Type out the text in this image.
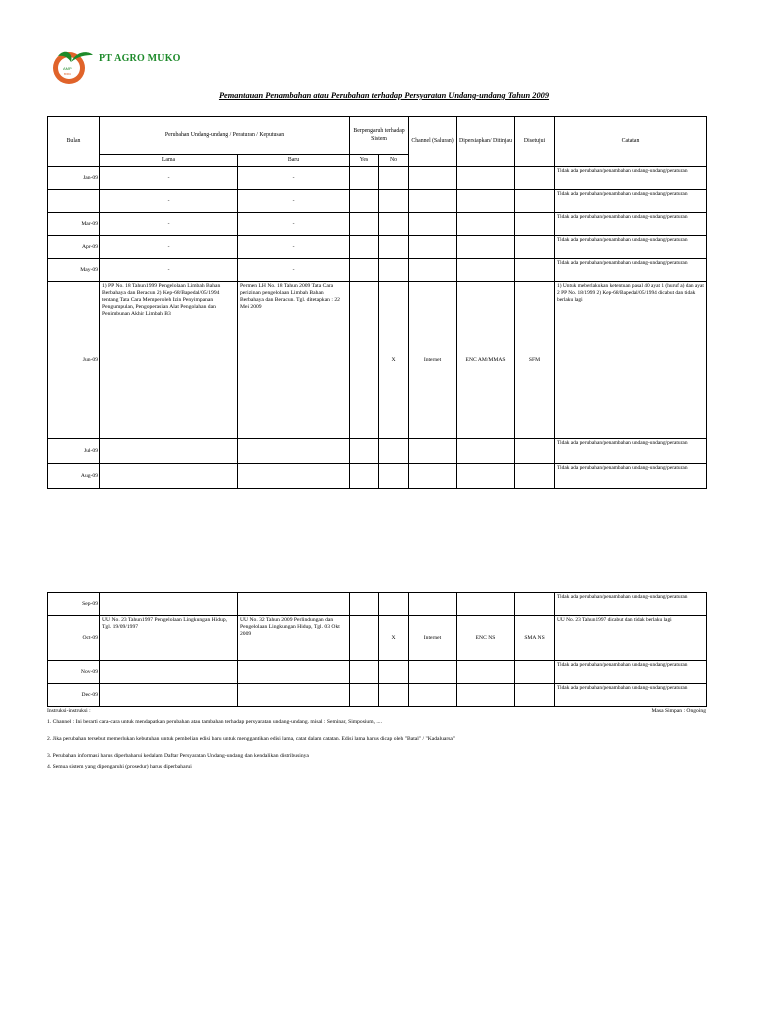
AMP
BIRU
PT AGRO MUKO
Pemantauan Penambahan atau Perubahan terhadap Persyaratan Undang-undang Tahun 2009
Bulan	Perubahan Undang-undang / Peraturan / Keputusan		Berpengaruh terhadap Sistem		Channel (Saluran)	Dipersiapkan/ Ditinjau	Disetujui	Catatan
	Lama	Baru	Yes	No				
Jan-09	-	-						Tidak ada perubahan/penambahan undang-undang/peraturan
	-	-						Tidak ada perubahan/penambahan undang-undang/peraturan
Mar-09	-	-						Tidak ada perubahan/penambahan undang-undang/peraturan
Apr-09	-	-						Tidak ada perubahan/penambahan undang-undang/peraturan
May-09	-	-						Tidak ada perubahan/penambahan undang-undang/peraturan
Jun-09	1) PP No. 18 Tahun1999 Pengelolaan Limbah Bahan Berbahaya dan Beracun 2) Kep-68/Bapedal/05/1994 tentang Tata Cara Memperoleh Izin Penyimpanan Pengumpulan, Pengoperasian Alat Pengolahan dan Penimbunan Akhir Limbah B3	Permen LH No. 18 Tahun 2009 Tata Cara perizinan pengelolaan Limbah Bahan Berbahaya dan Beracun. Tgl. ditetapkan : 22 Mei 2009		X	Internet	ENC AM/MMAS	SFM	1) Untuk meberlakukan ketentuan pasal 40 ayat 1 (huruf a) dan ayat 2 PP No. 18/1999 2) Kep-68/Bapedal/05/1994 dicabut dan tidak berlaku lagi
Jul-09								Tidak ada perubahan/penambahan undang-undang/peraturan
Aug-09								Tidak ada perubahan/penambahan undang-undang/peraturan
Sep-09								Tidak ada perubahan/penambahan undang-undang/peraturan
Oct-09	UU No. 23 Tahun1997 Pengelolaan Lingkungan Hidup, Tgl. 19/09/1997	UU No. 32 Tahun 2009 Perlindungan dan Pengelolaan Lingkungan Hidup, Tgl. 03 Okt 2009		X	Internet	ENC NS	SMA NS	UU No. 23 Tahun1997 dicabut dan tidak berlaku lagi
Nov-09								Tidak ada perubahan/penambahan undang-undang/peraturan
Dec-09								Tidak ada perubahan/penambahan undang-undang/peraturan
Instruksi-instruksi :	Masa Simpan : Ongoing
1. Channel : Ini berarti cara-cara untuk mendapatkan perubahan atau tambahan terhadap persyaratan undang-undang. misal : Seminar, Simposium, ....
2. Jika perubahan tersebut memerlukan kebutuhan untuk pembelian edisi baru untuk menggantikan edisi lama, catat dalam catatan. Edisi lama harus dicap oleh "Batal" / "Kadaluarsa"
3. Perubahan informasi harus diperbaharui kedalam Daftar Persyaratan Undang-undang dan kendalikan distribusinya
4. Semua sistem yang dipengaruhi (prosedur) harus diperbaharui
